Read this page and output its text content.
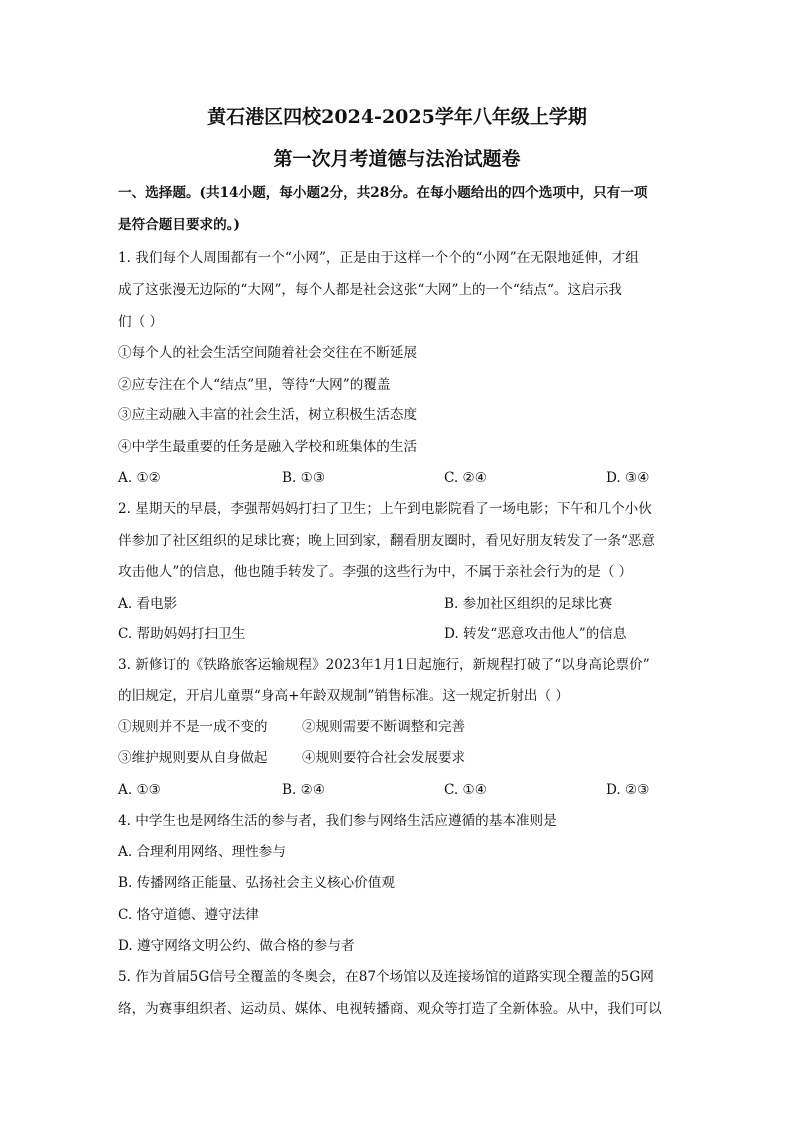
黄石港区四校2024-2025学年八年级上学期
第一次月考道德与法治试题卷
一、选择题。(共14小题，每小题2分，共28分。在每小题给出的四个选项中，只有一项
是符合题目要求的。)
1. 我们每个人周围都有一个“小网”，正是由于这样一个个的“小网”在无限地延伸，才组
成了这张漫无边际的“大网”，每个人都是社会这张“大网”上的一个“结点“。这启示我
们（ ）
①每个人的社会生活空间随着社会交往在不断延展
②应专注在个人“结点”里，等待“大网”的覆盖
③应主动融入丰富的社会生活，树立积极生活态度
④中学生最重要的任务是融入学校和班集体的生活
A. ①②	B. ①③	C. ②④	D. ③④
2. 星期天的早晨，李强帮妈妈打扫了卫生；上午到电影院看了一场电影；下午和几个小伙
伴参加了社区组织的足球比赛；晚上回到家，翻看朋友圈时，看见好朋友转发了一条“恶意
攻击他人”的信息，他也随手转发了。李强的这些行为中，不属于亲社会行为的是（ ）
A. 看电影	B. 参加社区组织的足球比赛
C. 帮助妈妈打扫卫生	D. 转发“恶意攻击他人”的信息
3. 新修订的《铁路旅客运输规程》2023年1月1日起施行，新规程打破了“以身高论票价”
的旧规定，开启儿童票“身高+年龄双规制”销售标准。这一规定折射出（ ）
①规则并不是一成不变的	②规则需要不断调整和完善
③维护规则要从自身做起	④规则要符合社会发展要求
A. ①③	B. ②④	C. ①④	D. ②③
4. 中学生也是网络生活的参与者，我们参与网络生活应遵循的基本准则是
A. 合理利用网络、理性参与
B. 传播网络正能量、弘扬社会主义核心价值观
C. 恪守道德、遵守法律
D. 遵守网络文明公约、做合格的参与者
5. 作为首届5G信号全覆盖的冬奥会，在87个场馆以及连接场馆的道路实现全覆盖的5G网
络，为赛事组织者、运动员、媒体、电视转播商、观众等打造了全新体验。从中，我们可以
